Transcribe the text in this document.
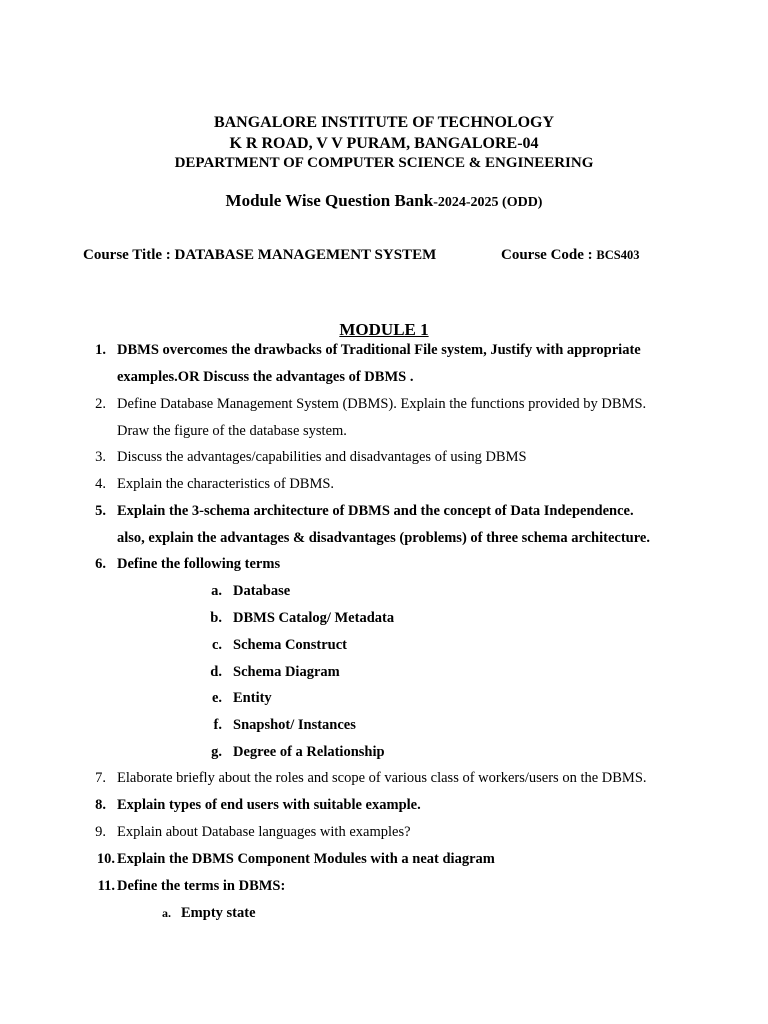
BANGALORE INSTITUTE OF TECHNOLOGY
K R ROAD, V V PURAM, BANGALORE-04
DEPARTMENT OF COMPUTER SCIENCE & ENGINEERING
Module Wise Question Bank-2024-2025 (ODD)
Course Title : DATABASE MANAGEMENT SYSTEM	Course Code : BCS403
MODULE 1
1. DBMS overcomes the drawbacks of Traditional File system, Justify with appropriate
examples.OR Discuss the advantages of DBMS .
2. Define Database Management System (DBMS). Explain the functions provided by DBMS.
Draw the figure of the database system.
3. Discuss the advantages/capabilities and disadvantages of using DBMS
4. Explain the characteristics of DBMS.
5. Explain the 3-schema architecture of DBMS and the concept of Data Independence.
also, explain the advantages & disadvantages (problems) of three schema architecture.
6. Define the following terms
a. Database
b. DBMS Catalog/ Metadata
c. Schema Construct
d. Schema Diagram
e. Entity
f. Snapshot/ Instances
g. Degree of a Relationship
7. Elaborate briefly about the roles and scope of various class of workers/users on the DBMS.
8. Explain types of end users with suitable example.
9. Explain about Database languages with examples?
10. Explain the DBMS Component Modules with a neat diagram
11. Define the terms in DBMS:
a. Empty state
